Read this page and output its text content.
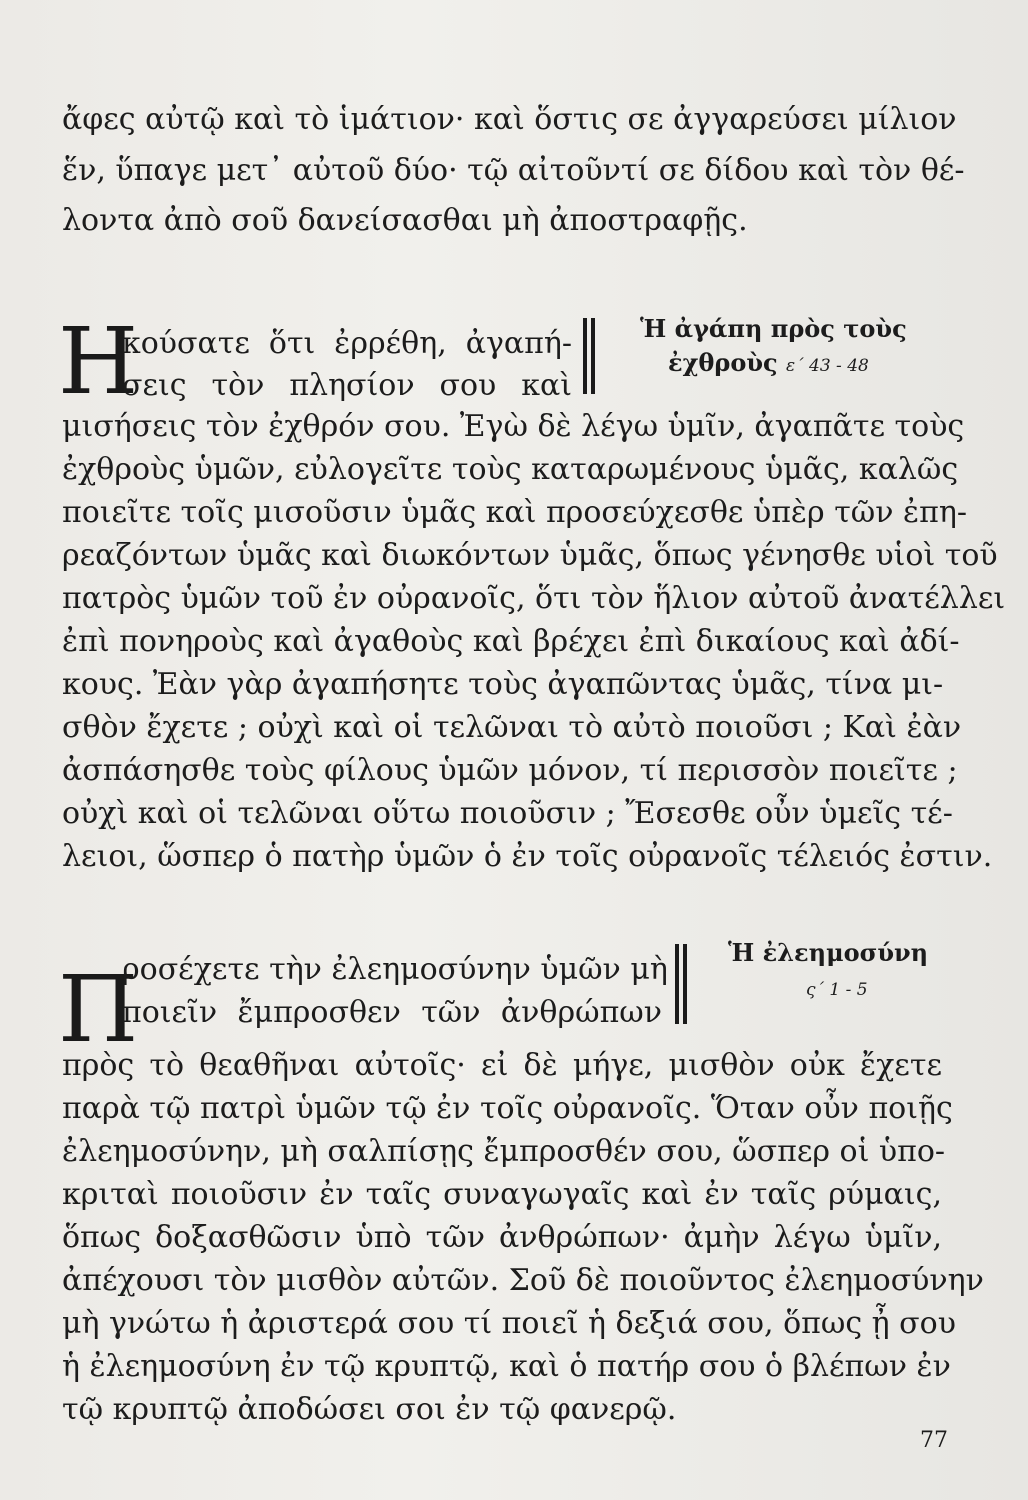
ἄφες αὐτῷ καὶ τὸ ἱμάτιον· καὶ ὅστις σε ἀγγαρεύσει μίλιον
ἕν, ὕπαγε μετ᾽ αὐτοῦ δύο· τῷ αἰτοῦντί σε δίδου καὶ τὸν θέ-
λοντα ἀπὸ σοῦ δανείσασθαι μὴ ἀποστραφῇς.
Η
κούσατε ὅτι ἐρρέθη, ἀγαπή-
σεις τὸν πλησίον σου καὶ
Ἡ ἀγάπη πρὸς τοὺς
ἐχθροὺς ε΄ 43 - 48
μισήσεις τὸν ἐχθρόν σου. Ἐγὼ δὲ λέγω ὑμῖν, ἀγαπᾶτε τοὺς
ἐχθροὺς ὑμῶν, εὐλογεῖτε τοὺς καταρωμένους ὑμᾶς, καλῶς
ποιεῖτε τοῖς μισοῦσιν ὑμᾶς καὶ προσεύχεσθε ὑπὲρ τῶν ἐπη-
ρεαζόντων ὑμᾶς καὶ διωκόντων ὑμᾶς, ὅπως γένησθε υἱοὶ τοῦ
πατρὸς ὑμῶν τοῦ ἐν οὐρανοῖς, ὅτι τὸν ἥλιον αὐτοῦ ἀνατέλλει
ἐπὶ πονηροὺς καὶ ἀγαθοὺς καὶ βρέχει ἐπὶ δικαίους καὶ ἀδί-
κους. Ἐὰν γὰρ ἀγαπήσητε τοὺς ἀγαπῶντας ὑμᾶς, τίνα μι-
σθὸν ἔχετε ; οὐχὶ καὶ οἱ τελῶναι τὸ αὐτὸ ποιοῦσι ; Καὶ ἐὰν
ἀσπάσησθε τοὺς φίλους ὑμῶν μόνον, τί περισσὸν ποιεῖτε ;
οὐχὶ καὶ οἱ τελῶναι οὕτω ποιοῦσιν ; Ἔσεσθε οὖν ὑμεῖς τέ-
λειοι, ὥσπερ ὁ πατὴρ ὑμῶν ὁ ἐν τοῖς οὐρανοῖς τέλειός ἐστιν.
Π
ροσέχετε τὴν ἐλεημοσύνην ὑμῶν μὴ
ποιεῖν ἔμπροσθεν τῶν ἀνθρώπων
Ἡ ἐλεημοσύνη
ς΄ 1 - 5
πρὸς τὸ θεαθῆναι αὐτοῖς· εἰ δὲ μήγε, μισθὸν οὐκ ἔχετε
παρὰ τῷ πατρὶ ὑμῶν τῷ ἐν τοῖς οὐρανοῖς. Ὅταν οὖν ποιῇς
ἐλεημοσύνην, μὴ σαλπίσῃς ἔμπροσθέν σου, ὥσπερ οἱ ὑπο-
κριταὶ ποιοῦσιν ἐν ταῖς συναγωγαῖς καὶ ἐν ταῖς ρύμαις,
ὅπως δοξασθῶσιν ὑπὸ τῶν ἀνθρώπων· ἀμὴν λέγω ὑμῖν,
ἀπέχουσι τὸν μισθὸν αὐτῶν. Σοῦ δὲ ποιοῦντος ἐλεημοσύνην
μὴ γνώτω ἡ ἀριστερά σου τί ποιεῖ ἡ δεξιά σου, ὅπως ᾖ σου
ἡ ἐλεημοσύνη ἐν τῷ κρυπτῷ, καὶ ὁ πατήρ σου ὁ βλέπων ἐν
τῷ κρυπτῷ ἀποδώσει σοι ἐν τῷ φανερῷ.
77
